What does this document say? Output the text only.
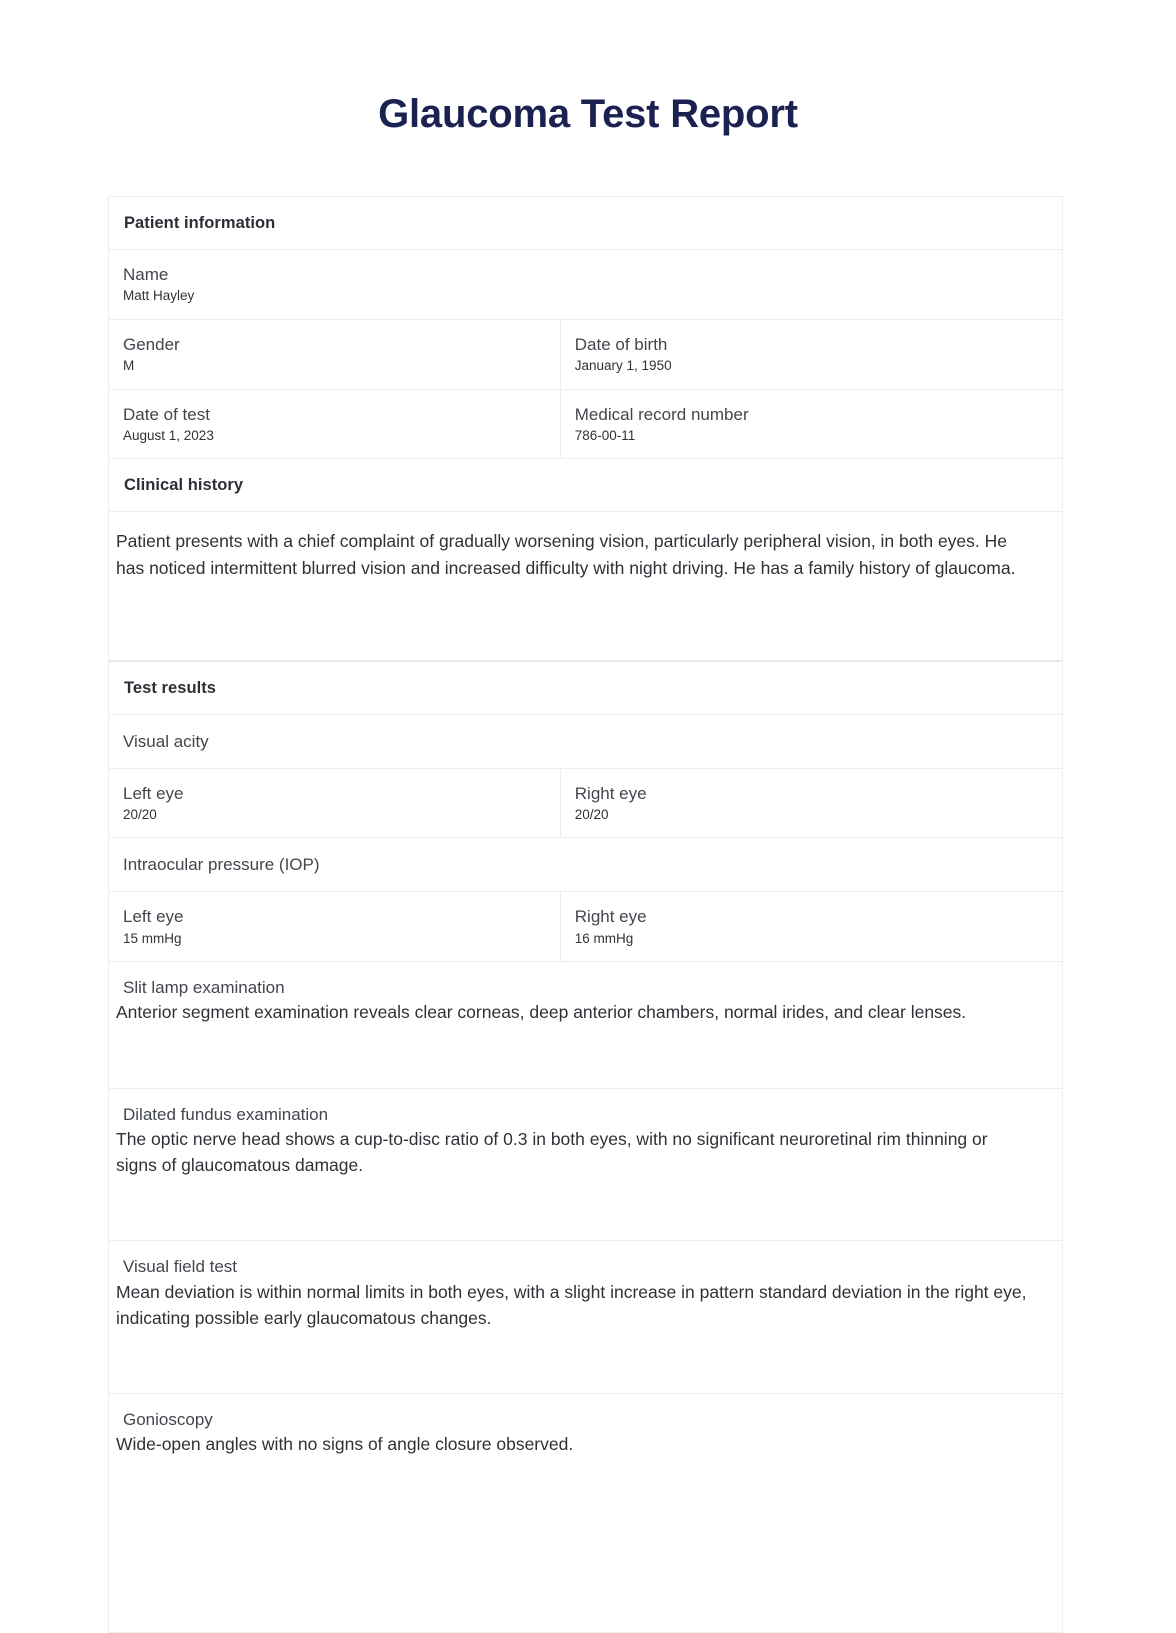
Glaucoma Test Report
Patient information
Name
Matt Hayley
Gender
M
Date of birth
January 1, 1950
Date of test
August 1, 2023
Medical record number
786-00-11
Clinical history

Patient presents with a chief complaint of gradually worsening vision, particularly peripheral vision, in both eyes. He has noticed intermittent blurred vision and increased difficulty with night driving. He has a family history of glaucoma.

Test results
Visual acity
Left eye
20/20
Right eye
20/20
Intraocular pressure (IOP)
Left eye
15 mmHg
Right eye
16 mmHg
Slit lamp examination

Anterior segment examination reveals clear corneas, deep anterior chambers, normal irides, and clear lenses.

Dilated fundus examination

The optic nerve head shows a cup-to-disc ratio of 0.3 in both eyes, with no significant neuroretinal rim thinning or signs of glaucomatous damage.

Visual field test

Mean deviation is within normal limits in both eyes, with a slight increase in pattern standard deviation in the right eye, indicating possible early glaucomatous changes.

Gonioscopy

Wide-open angles with no signs of angle closure observed.
